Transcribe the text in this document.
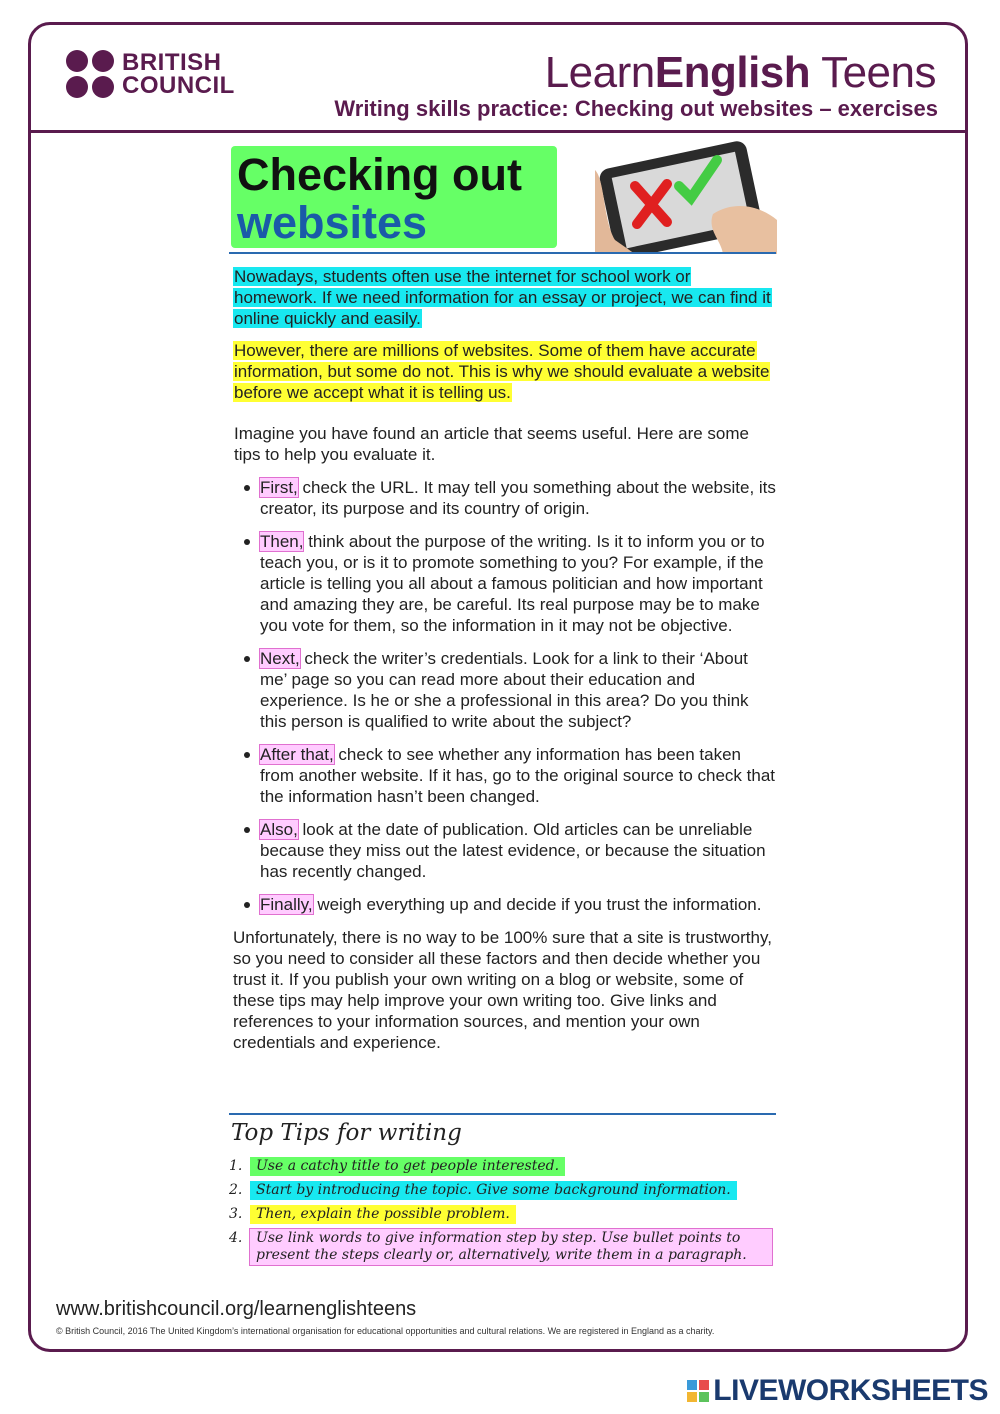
BRITISH
COUNCIL	LearnEnglish Teens
Writing skills practice: Checking out websites – exercises
Checking out
websites

Nowadays, students often use the internet for school work or homework. If we need information for an essay or project, we can find it online quickly and easily.

However, there are millions of websites. Some of them have accurate information, but some do not. This is why we should evaluate a website before we accept what it is telling us.

Imagine you have found an article that seems useful. Here are some tips to help you evaluate it.

First, check the URL. It may tell you something about the website, its creator, its purpose and its country of origin.
Then, think about the purpose of the writing. Is it to inform you or to teach you, or is it to promote something to you? For example, if the article is telling you all about a famous politician and how important and amazing they are, be careful. Its real purpose may be to make you vote for them, so the information in it may not be objective.
Next, check the writer’s credentials. Look for a link to their ‘About me’ page so you can read more about their education and experience. Is he or she a professional in this area? Do you think this person is qualified to write about the subject?
After that, check to see whether any information has been taken from another website. If it has, go to the original source to check that the information hasn’t been changed.
Also, look at the date of publication. Old articles can be unreliable because they miss out the latest evidence, or because the situation has recently changed.
Finally, weigh everything up and decide if you trust the information.

Unfortunately, there is no way to be 100% sure that a site is trustworthy, so you need to consider all these factors and then decide whether you trust it. If you publish your own writing on a blog or website, some of these tips may help improve your own writing too. Give links and references to your information sources, and mention your own credentials and experience.

Top Tips for writing
1. Use a catchy title to get people interested.
2. Start by introducing the topic. Give some background information.
3. Then, explain the possible problem.
4. Use link words to give information step by step. Use bullet points to present the steps clearly or, alternatively, write them in a paragraph.
www.britishcouncil.org/learnenglishteens
© British Council, 2016 The United Kingdom’s international organisation for educational opportunities and cultural relations. We are registered in England as a charity.
LIVEWORKSHEETS
